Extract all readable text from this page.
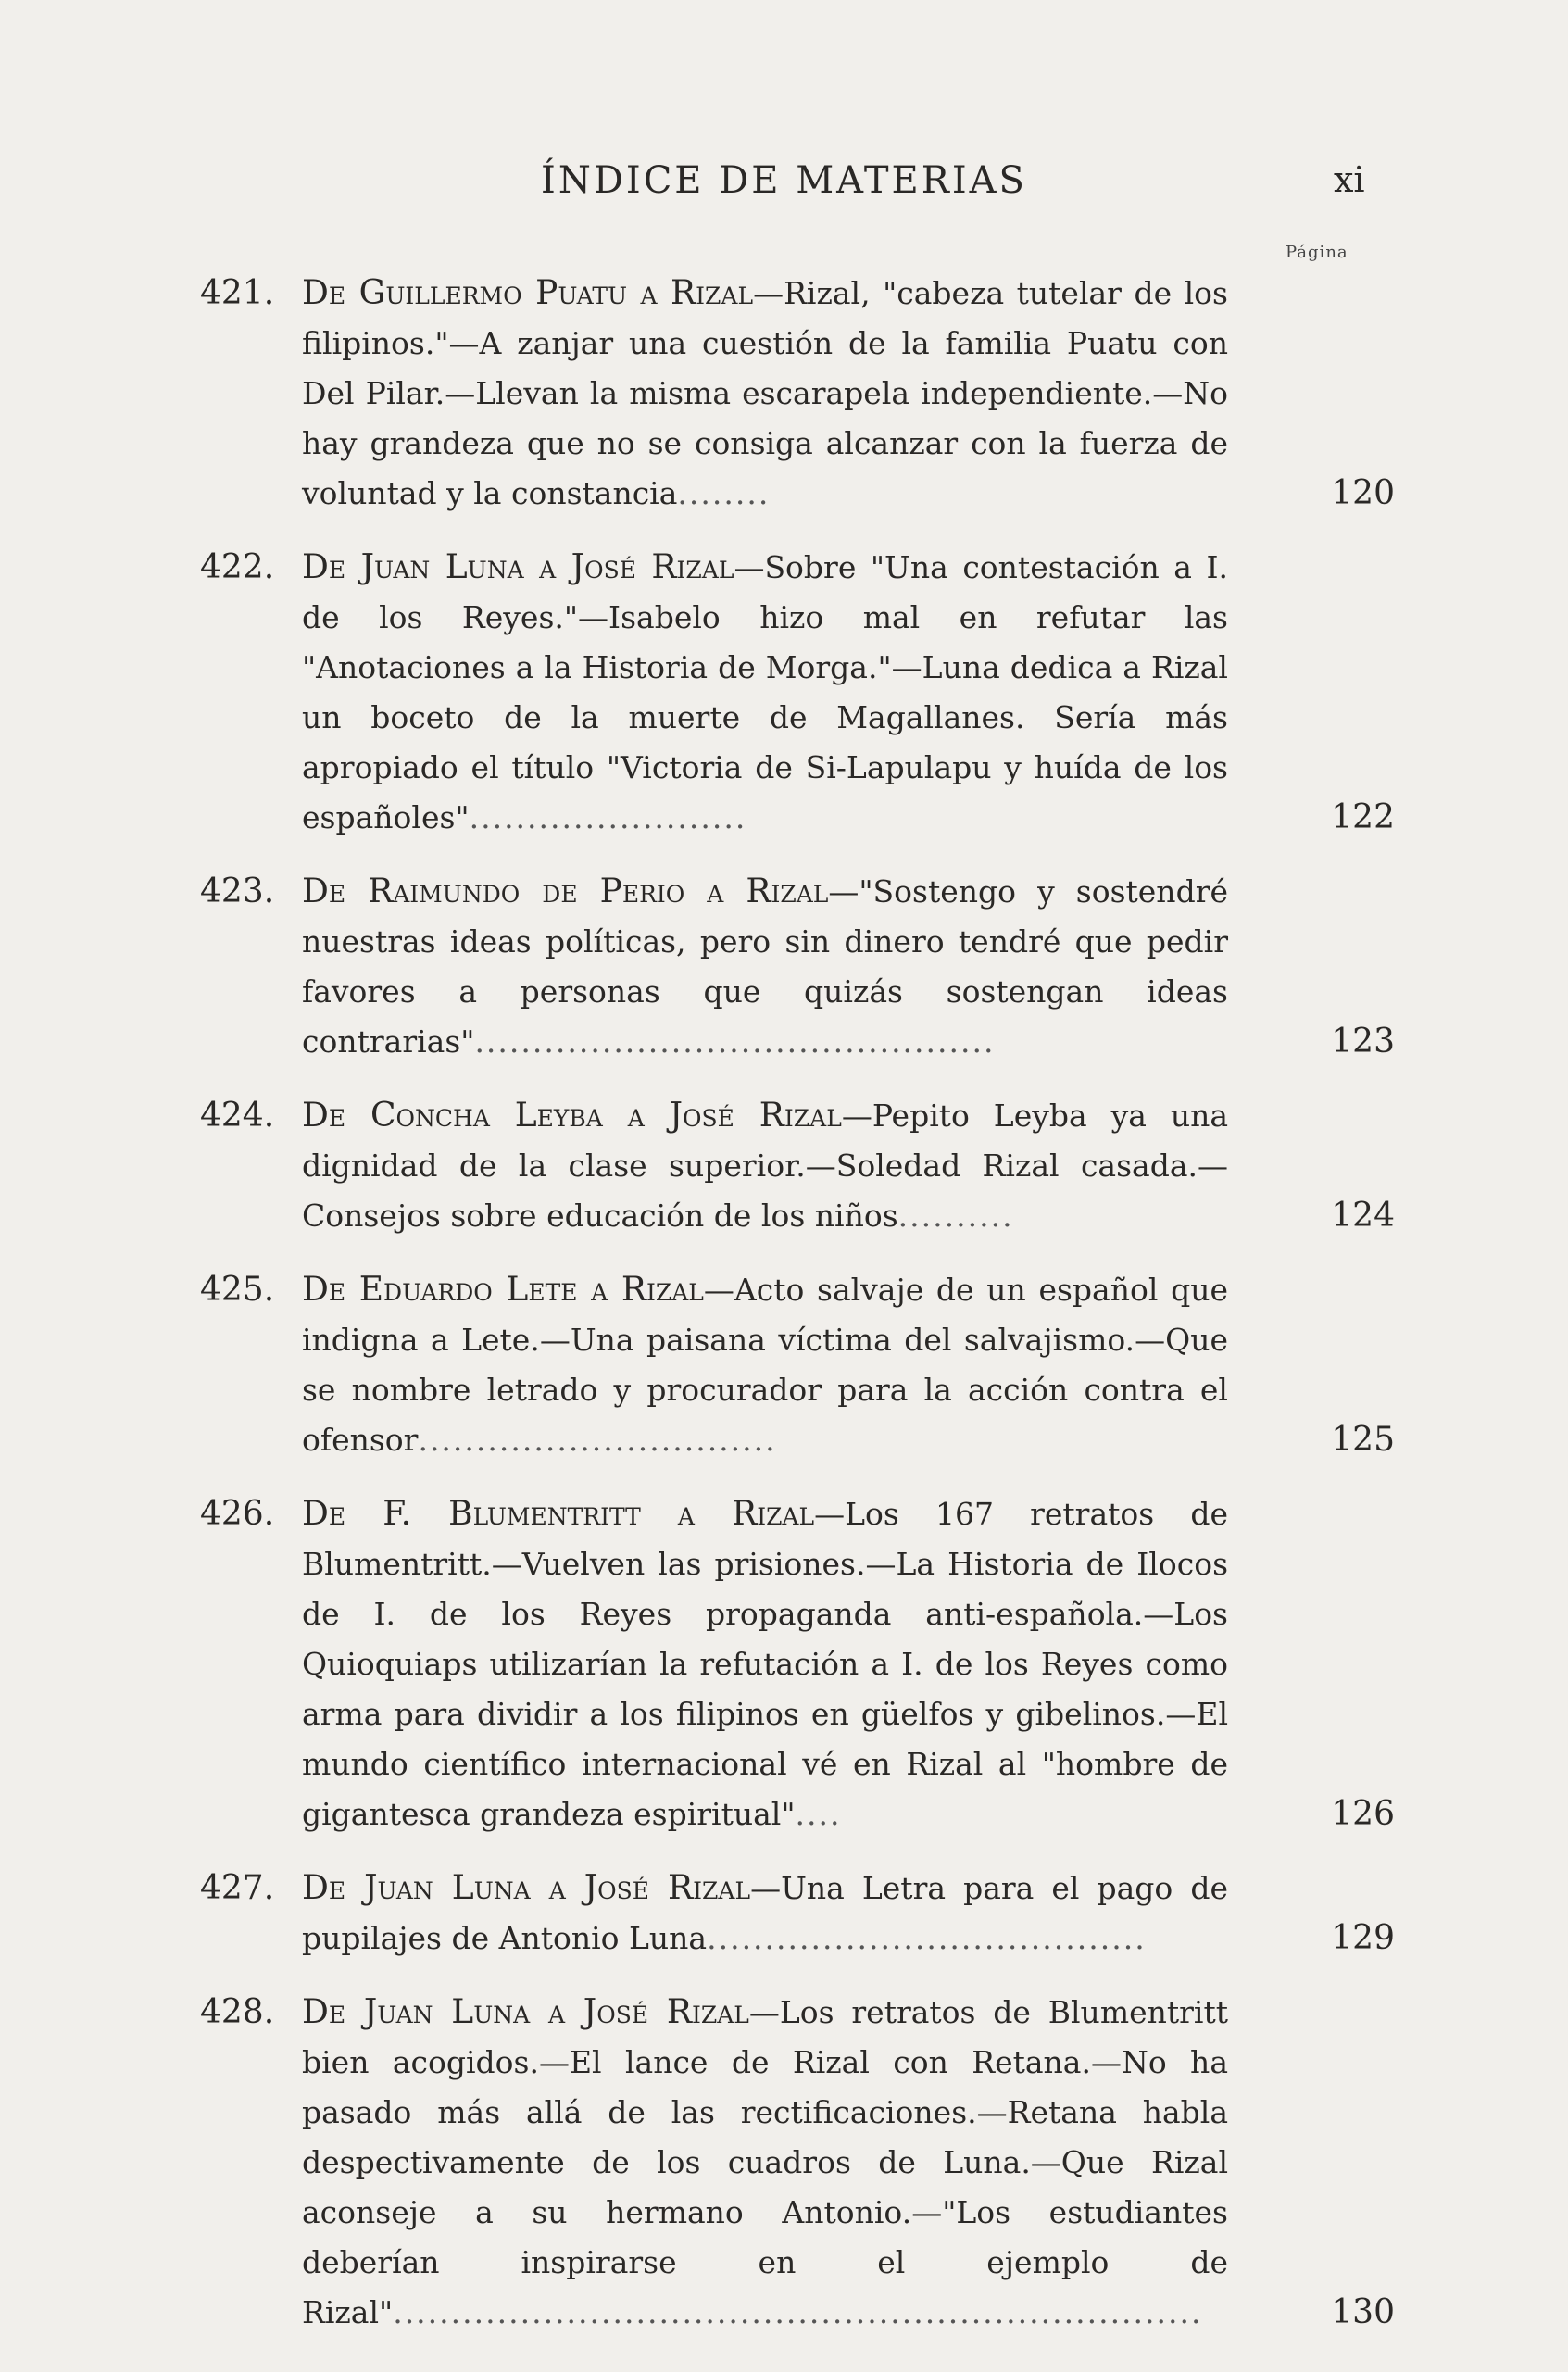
ÍNDICE DE MATERIAS	xi
Página
421. De Guillermo Puatu a Rizal—Rizal, "cabeza tutelar de los filipinos."—A zanjar una cuestión de la familia Puatu con Del Pilar.—Llevan la misma escarapela independiente.—No hay grandeza que no se consiga alcanzar con la fuerza de voluntad y la constancia........	120
422. De Juan Luna a José Rizal—Sobre "Una contestación a I. de los Reyes."—Isabelo hizo mal en refutar las "Anotaciones a la Historia de Morga."—Luna dedica a Rizal un boceto de la muerte de Magallanes. Sería más apropiado el título "Victoria de Si-Lapulapu y huída de los españoles"........................	122
423. De Raimundo de Perio a Rizal—"Sostengo y sostendré nuestras ideas políticas, pero sin dinero tendré que pedir favores a personas que quizás sostengan ideas contrarias".............................................	123
424. De Concha Leyba a José Rizal—Pepito Leyba ya una dignidad de la clase superior.—Soledad Rizal casada.—Consejos sobre educación de los niños..........	124
425. De Eduardo Lete a Rizal—Acto salvaje de un español que indigna a Lete.—Una paisana víctima del salvajismo.—Que se nombre letrado y procurador para la acción contra el ofensor...............................	125
426. De F. Blumentritt a Rizal—Los 167 retratos de Blumentritt.—Vuelven las prisiones.—La Historia de Ilocos de I. de los Reyes propaganda anti-española.—Los Quioquiaps utilizarían la refutación a I. de los Reyes como arma para dividir a los filipinos en güelfos y gibelinos.—El mundo científico internacional vé en Rizal al "hombre de gigantesca grandeza espiritual"....	126
427. De Juan Luna a José Rizal—Una Letra para el pago de pupilajes de Antonio Luna......................................	129
428. De Juan Luna a José Rizal—Los retratos de Blumentritt bien acogidos.—El lance de Rizal con Retana.—No ha pasado más allá de las rectificaciones.—Retana habla despectivamente de los cuadros de Luna.—Que Rizal aconseje a su hermano Antonio.—"Los estudiantes deberían inspirarse en el ejemplo de Rizal"......................................................................	130
